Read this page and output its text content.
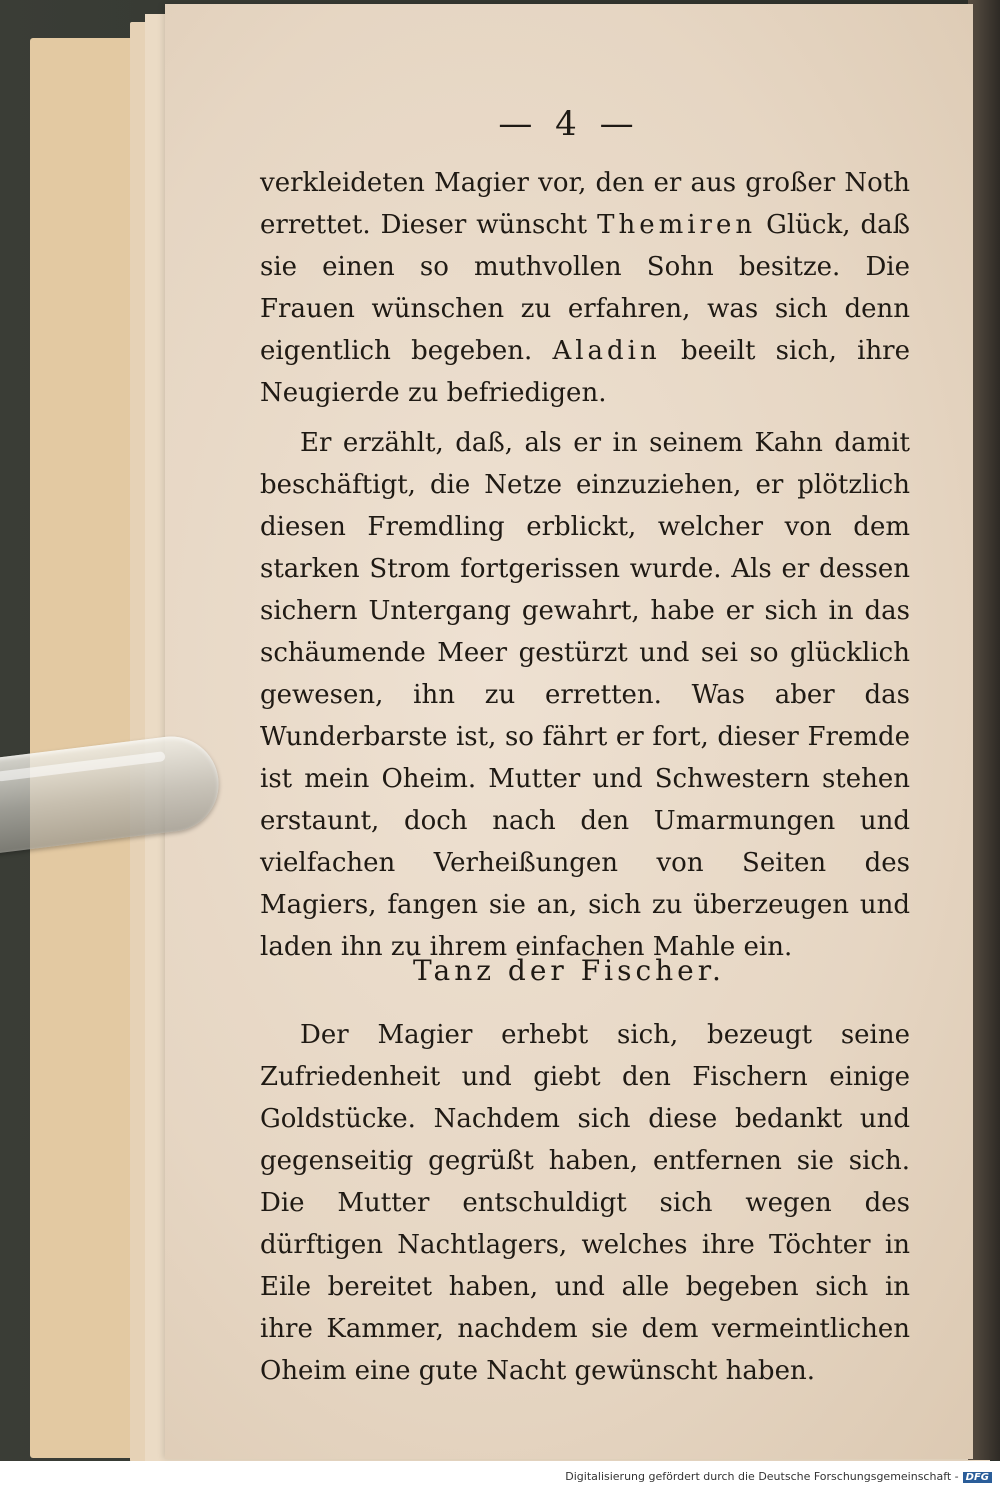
— 4 —

verkleideten Magier vor, den er aus großer Noth errettet. Dieser wünscht Themiren Glück, daß sie einen so muthvollen Sohn besitze. Die Frauen wünschen zu erfahren, was sich denn eigentlich begeben. Aladin beeilt sich, ihre Neugierde zu befriedigen.

Er erzählt, daß, als er in seinem Kahn damit beschäftigt, die Netze einzuziehen, er plötzlich diesen Fremdling erblickt, welcher von dem starken Strom fortgerissen wurde. Als er dessen sichern Untergang gewahrt, habe er sich in das schäumende Meer gestürzt und sei so glücklich gewesen, ihn zu erretten. Was aber das Wunderbarste ist, so fährt er fort, dieser Fremde ist mein Oheim. Mutter und Schwestern stehen erstaunt, doch nach den Umarmungen und vielfachen Verheißungen von Seiten des Magiers, fangen sie an, sich zu überzeugen und laden ihn zu ihrem einfachen Mahle ein.

Tanz der Fischer.

Der Magier erhebt sich, bezeugt seine Zufriedenheit und giebt den Fischern einige Goldstücke. Nachdem sich diese bedankt und gegenseitig gegrüßt haben, entfernen sie sich. Die Mutter entschuldigt sich wegen des dürftigen Nachtlagers, welches ihre Töchter in Eile bereitet haben, und alle begeben sich in ihre Kammer, nachdem sie dem vermeintlichen Oheim eine gute Nacht gewünscht haben.

Digitalisierung gefördert durch die Deutsche Forschungsgemeinschaft - DFG
